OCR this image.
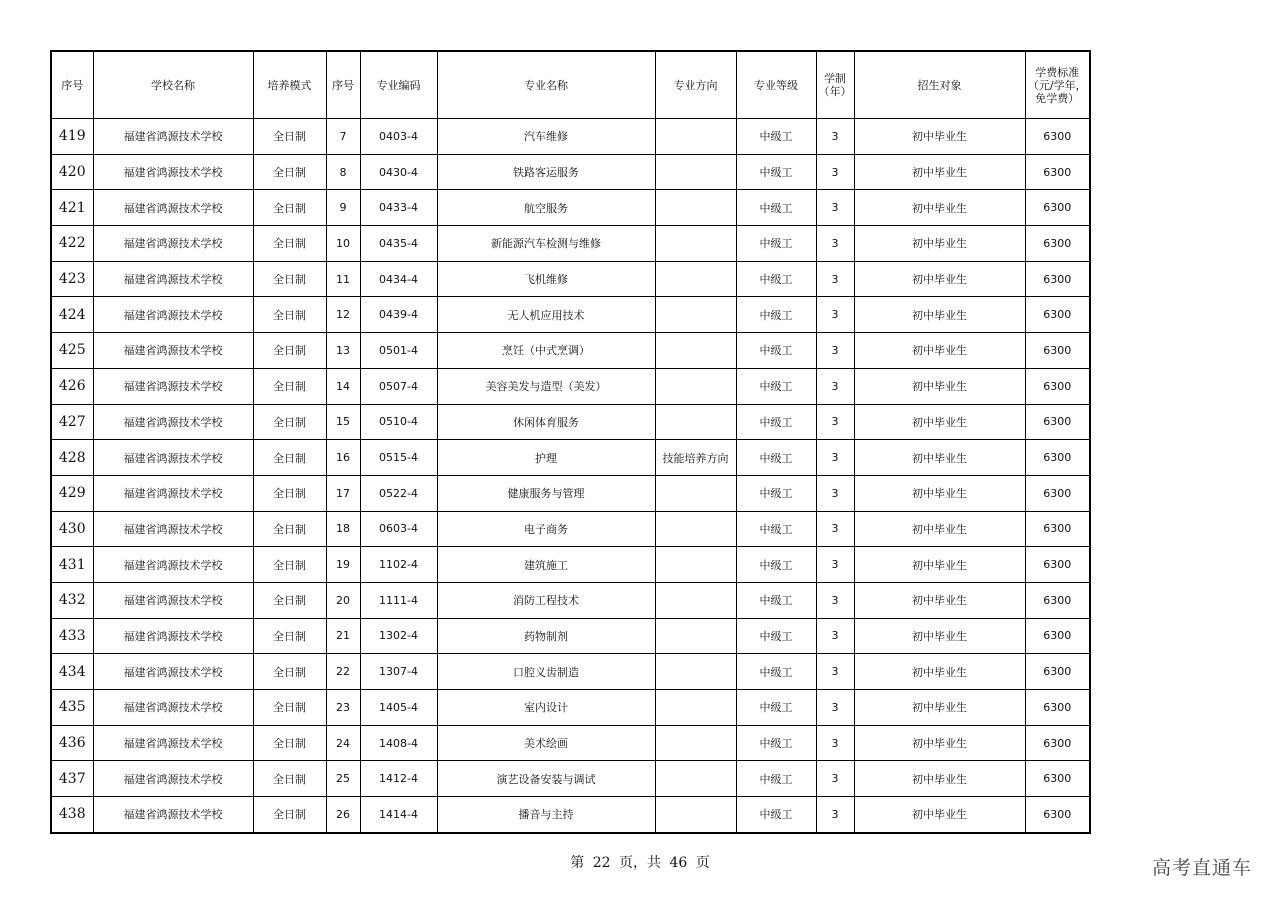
序号	学校名称	培养模式	序号	专业编码	专业名称	专业方向	专业等级	学制（年）	招生对象	学费标准（元/学年，免学费）
419	福建省鸿源技术学校	全日制	7	0403-4	汽车维修		中级工	3	初中毕业生	6300
420	福建省鸿源技术学校	全日制	8	0430-4	铁路客运服务		中级工	3	初中毕业生	6300
421	福建省鸿源技术学校	全日制	9	0433-4	航空服务		中级工	3	初中毕业生	6300
422	福建省鸿源技术学校	全日制	10	0435-4	新能源汽车检测与维修		中级工	3	初中毕业生	6300
423	福建省鸿源技术学校	全日制	11	0434-4	飞机维修		中级工	3	初中毕业生	6300
424	福建省鸿源技术学校	全日制	12	0439-4	无人机应用技术		中级工	3	初中毕业生	6300
425	福建省鸿源技术学校	全日制	13	0501-4	烹饪（中式烹调）		中级工	3	初中毕业生	6300
426	福建省鸿源技术学校	全日制	14	0507-4	美容美发与造型（美发）		中级工	3	初中毕业生	6300
427	福建省鸿源技术学校	全日制	15	0510-4	休闲体育服务		中级工	3	初中毕业生	6300
428	福建省鸿源技术学校	全日制	16	0515-4	护理	技能培养方向	中级工	3	初中毕业生	6300
429	福建省鸿源技术学校	全日制	17	0522-4	健康服务与管理		中级工	3	初中毕业生	6300
430	福建省鸿源技术学校	全日制	18	0603-4	电子商务		中级工	3	初中毕业生	6300
431	福建省鸿源技术学校	全日制	19	1102-4	建筑施工		中级工	3	初中毕业生	6300
432	福建省鸿源技术学校	全日制	20	1111-4	消防工程技术		中级工	3	初中毕业生	6300
433	福建省鸿源技术学校	全日制	21	1302-4	药物制剂		中级工	3	初中毕业生	6300
434	福建省鸿源技术学校	全日制	22	1307-4	口腔义齿制造		中级工	3	初中毕业生	6300
435	福建省鸿源技术学校	全日制	23	1405-4	室内设计		中级工	3	初中毕业生	6300
436	福建省鸿源技术学校	全日制	24	1408-4	美术绘画		中级工	3	初中毕业生	6300
437	福建省鸿源技术学校	全日制	25	1412-4	演艺设备安装与调试		中级工	3	初中毕业生	6300
438	福建省鸿源技术学校	全日制	26	1414-4	播音与主持		中级工	3	初中毕业生	6300
第 22 页，共 46 页	高考直通车
